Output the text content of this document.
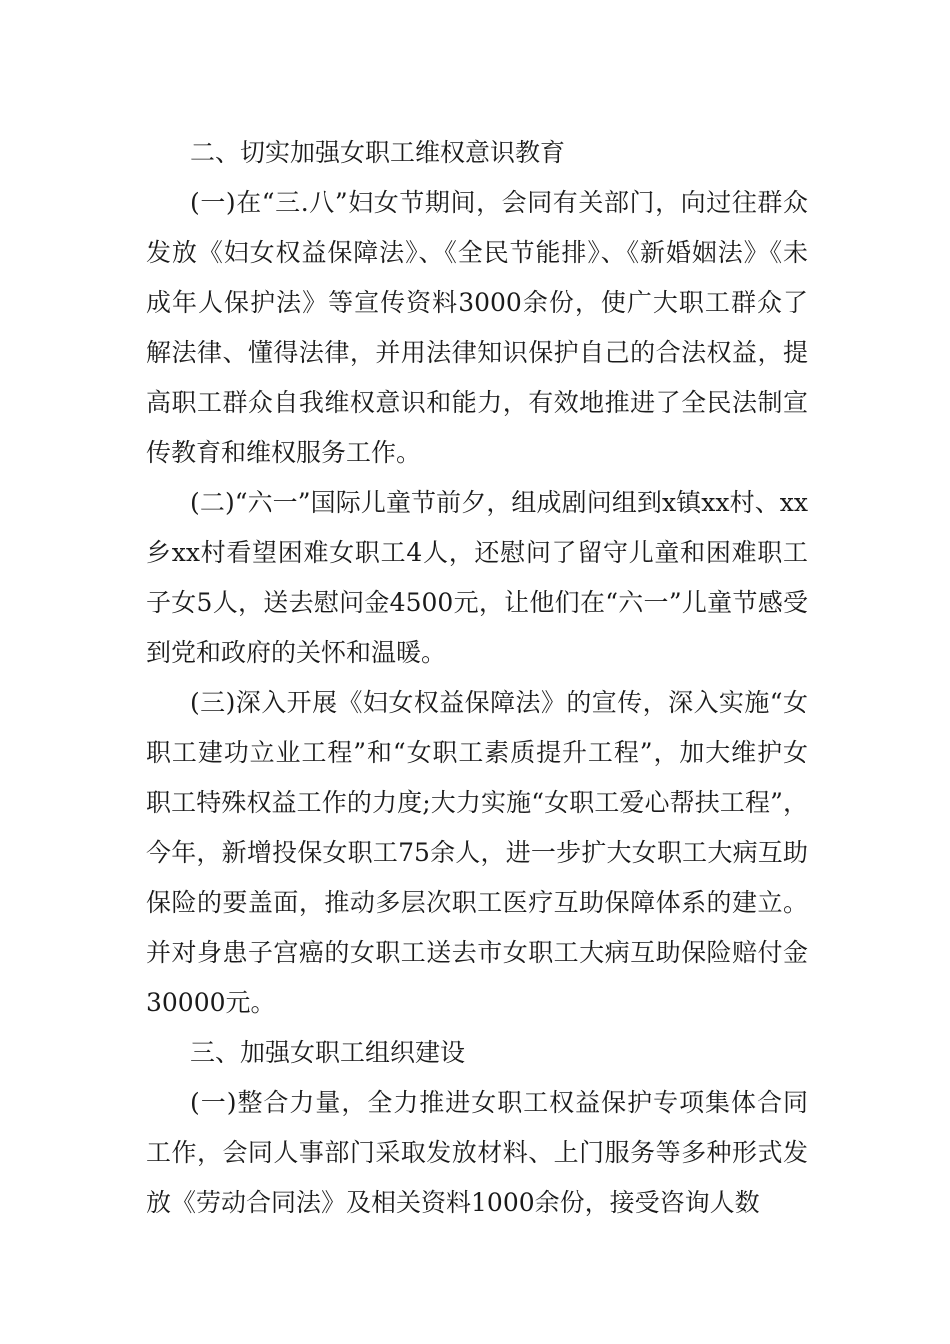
二、切实加强女职工维权意识教育

(一)在“三.八”妇女节期间，会同有关部门，向过往群众发放《妇女权益保障法》、《全民节能排》、《新婚姻法》《未成年人保护法》等宣传资料3000余份，使广大职工群众了解法律、懂得法律，并用法律知识保护自己的合法权益，提高职工群众自我维权意识和能力，有效地推进了全民法制宣传教育和维权服务工作。

(二)“六一”国际儿童节前夕，组成剧问组到x镇xx村、xx乡xx村看望困难女职工4人，还慰问了留守儿童和困难职工子女5人，送去慰问金4500元，让他们在“六一”儿童节感受到党和政府的关怀和温暖。

(三)深入开展《妇女权益保障法》的宣传，深入实施“女职工建功立业工程”和“女职工素质提升工程”，加大维护女职工特殊权益工作的力度;大力实施“女职工爱心帮扶工程”，今年，新增投保女职工75余人，进一步扩大女职工大病互助保险的要盖面，推动多层次职工医疗互助保障体系的建立。并对身患子宫癌的女职工送去市女职工大病互助保险赔付金30000元。

三、加强女职工组织建设

(一)整合力量，全力推进女职工权益保护专项集体合同工作，会同人事部门采取发放材料、上门服务等多种形式发放《劳动合同法》及相关资料1000余份，接受咨询人数
